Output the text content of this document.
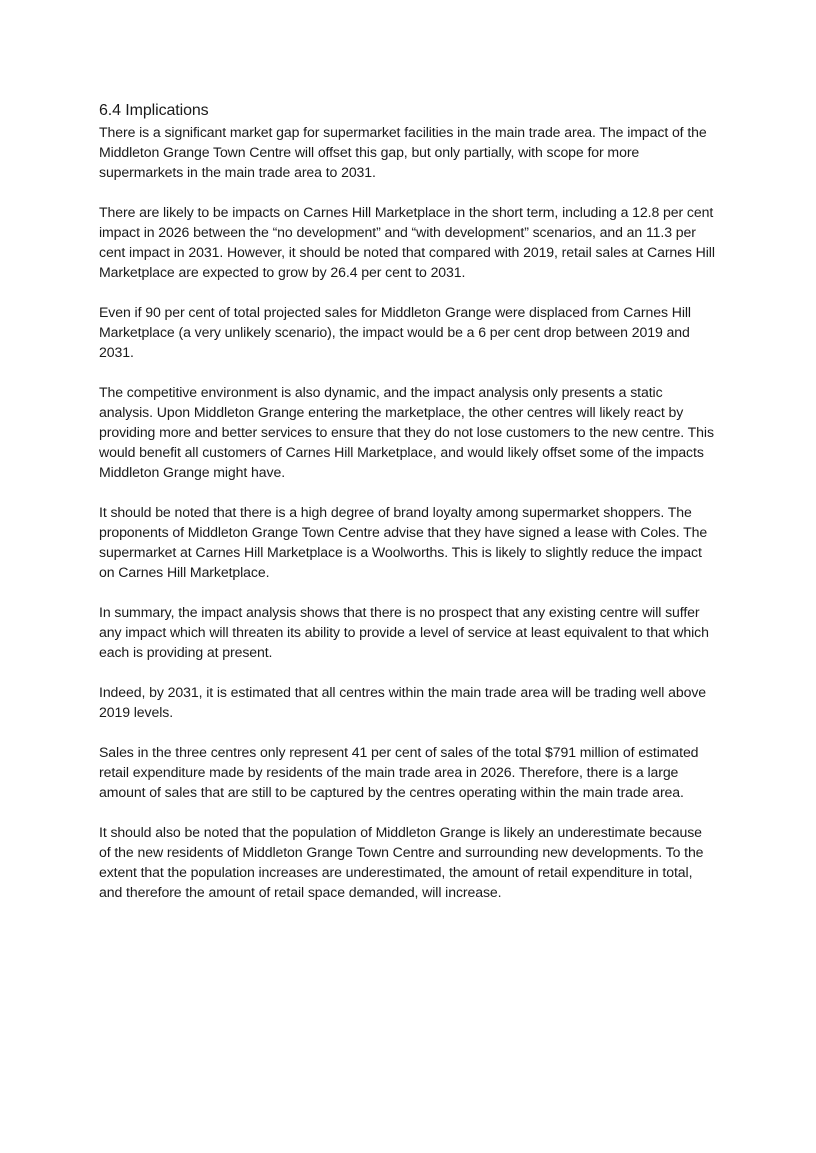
6.4 Implications

There is a significant market gap for supermarket facilities in the main trade area. The impact of the Middleton Grange Town Centre will offset this gap, but only partially, with scope for more supermarkets in the main trade area to 2031.

There are likely to be impacts on Carnes Hill Marketplace in the short term, including a 12.8 per cent impact in 2026 between the “no development” and “with development” scenarios, and an 11.3 per cent impact in 2031. However, it should be noted that compared with 2019, retail sales at Carnes Hill Marketplace are expected to grow by 26.4 per cent to 2031.

Even if 90 per cent of total projected sales for Middleton Grange were displaced from Carnes Hill Marketplace (a very unlikely scenario), the impact would be a 6 per cent drop between 2019 and 2031.

The competitive environment is also dynamic, and the impact analysis only presents a static analysis. Upon Middleton Grange entering the marketplace, the other centres will likely react by providing more and better services to ensure that they do not lose customers to the new centre. This would benefit all customers of Carnes Hill Marketplace, and would likely offset some of the impacts Middleton Grange might have.

It should be noted that there is a high degree of brand loyalty among supermarket shoppers. The proponents of Middleton Grange Town Centre advise that they have signed a lease with Coles. The supermarket at Carnes Hill Marketplace is a Woolworths. This is likely to slightly reduce the impact on Carnes Hill Marketplace.

In summary, the impact analysis shows that there is no prospect that any existing centre will suffer any impact which will threaten its ability to provide a level of service at least equivalent to that which each is providing at present.

Indeed, by 2031, it is estimated that all centres within the main trade area will be trading well above 2019 levels.

Sales in the three centres only represent 41 per cent of sales of the total $791 million of estimated retail expenditure made by residents of the main trade area in 2026. Therefore, there is a large amount of sales that are still to be captured by the centres operating within the main trade area.

It should also be noted that the population of Middleton Grange is likely an underestimate because of the new residents of Middleton Grange Town Centre and surrounding new developments. To the extent that the population increases are underestimated, the amount of retail expenditure in total, and therefore the amount of retail space demanded, will increase.
